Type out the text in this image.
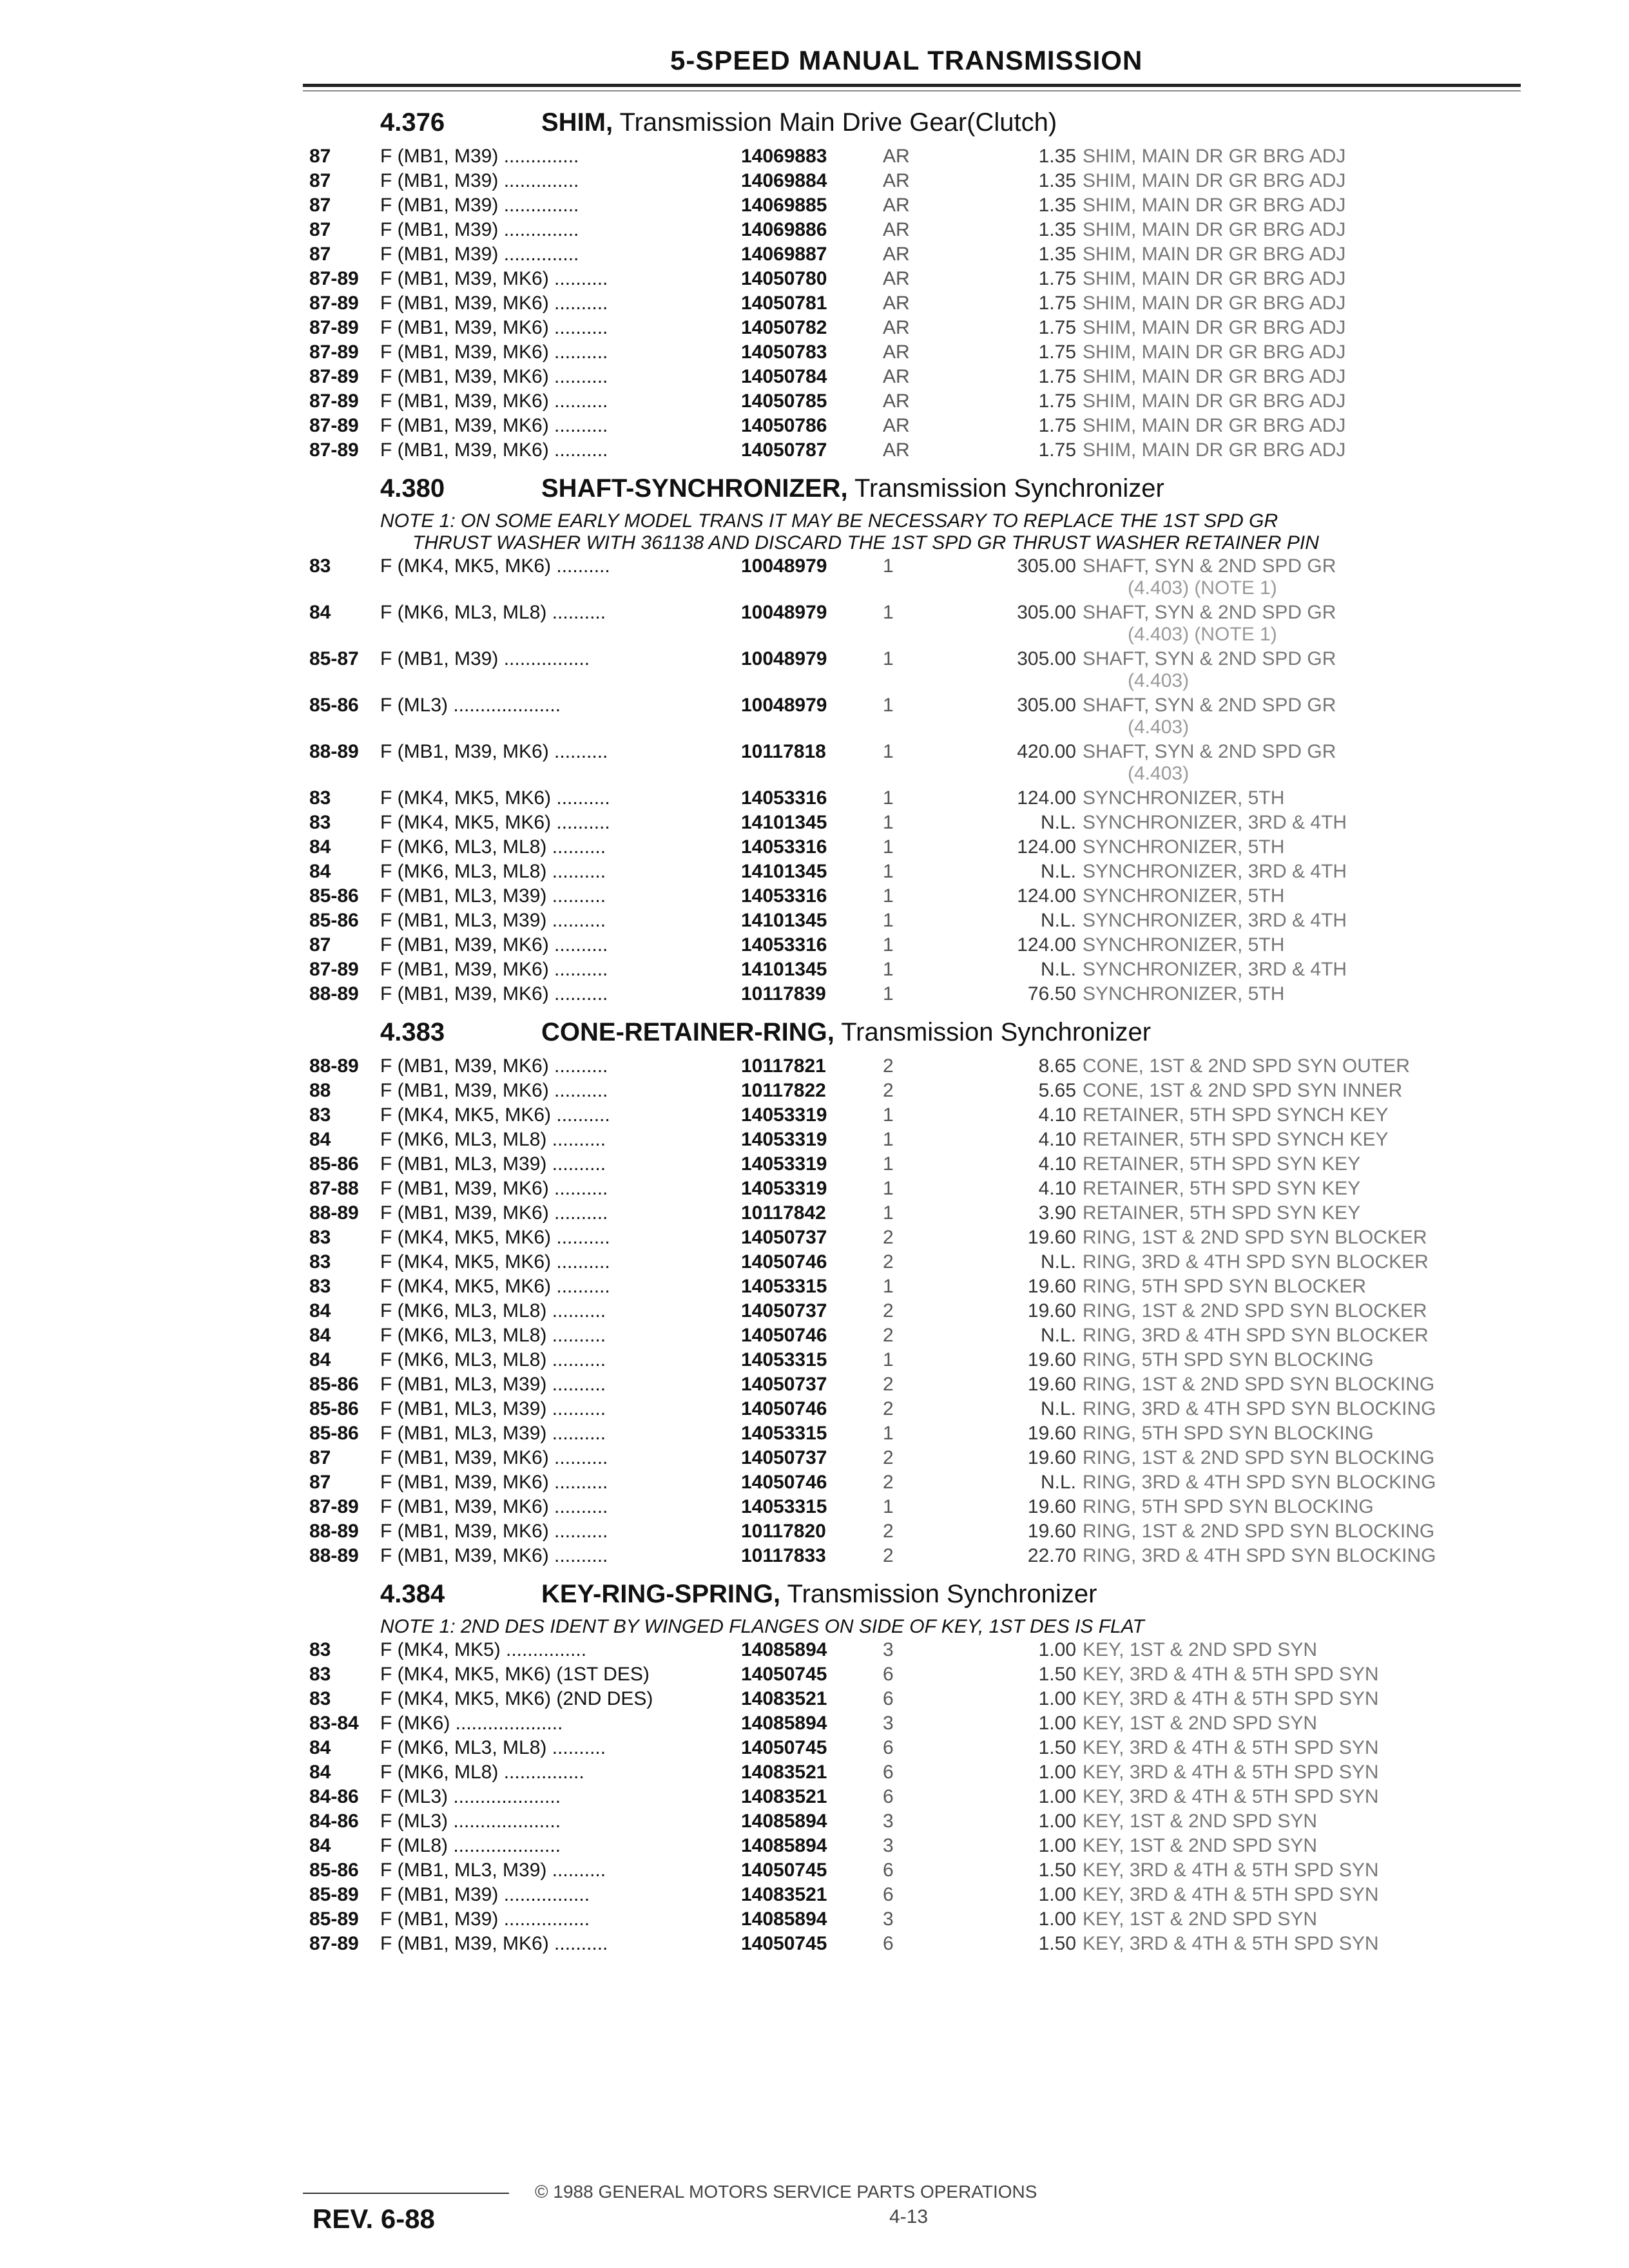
5-SPEED MANUAL TRANSMISSION
4.376	SHIM, Transmission Main Drive Gear(Clutch)
87	F (MB1, M39) ..............	14069883	AR	1.35 SHIM, MAIN DR GR BRG ADJ
87	F (MB1, M39) ..............	14069884	AR	1.35 SHIM, MAIN DR GR BRG ADJ
87	F (MB1, M39) ..............	14069885	AR	1.35 SHIM, MAIN DR GR BRG ADJ
87	F (MB1, M39) ..............	14069886	AR	1.35 SHIM, MAIN DR GR BRG ADJ
87	F (MB1, M39) ..............	14069887	AR	1.35 SHIM, MAIN DR GR BRG ADJ
87-89 F (MB1, M39, MK6) ..........	14050780	AR	1.75 SHIM, MAIN DR GR BRG ADJ
87-89 F (MB1, M39, MK6) ..........	14050781	AR	1.75 SHIM, MAIN DR GR BRG ADJ
87-89 F (MB1, M39, MK6) ..........	14050782	AR	1.75 SHIM, MAIN DR GR BRG ADJ
87-89 F (MB1, M39, MK6) ..........	14050783	AR	1.75 SHIM, MAIN DR GR BRG ADJ
87-89 F (MB1, M39, MK6) ..........	14050784	AR	1.75 SHIM, MAIN DR GR BRG ADJ
87-89 F (MB1, M39, MK6) ..........	14050785	AR	1.75 SHIM, MAIN DR GR BRG ADJ
87-89 F (MB1, M39, MK6) ..........	14050786	AR	1.75 SHIM, MAIN DR GR BRG ADJ
87-89 F (MB1, M39, MK6) ..........	14050787	AR	1.75 SHIM, MAIN DR GR BRG ADJ
4.380	SHAFT-SYNCHRONIZER, Transmission Synchronizer
NOTE 1: ON SOME EARLY MODEL TRANS IT MAY BE NECESSARY TO REPLACE THE 1ST SPD GR
THRUST WASHER WITH 361138 AND DISCARD THE 1ST SPD GR THRUST WASHER RETAINER PIN
83	F (MK4, MK5, MK6) ..........	10048979	1	305.00 SHAFT, SYN & 2ND SPD GR
(4.403) (NOTE 1)
84	F (MK6, ML3, ML8) ..........	10048979	1	305.00 SHAFT, SYN & 2ND SPD GR
(4.403) (NOTE 1)
85-87 F (MB1, M39) ................	10048979	1	305.00 SHAFT, SYN & 2ND SPD GR
(4.403)
85-86 F (ML3) ....................	10048979	1	305.00 SHAFT, SYN & 2ND SPD GR
(4.403)
88-89 F (MB1, M39, MK6) ..........	10117818	1	420.00 SHAFT, SYN & 2ND SPD GR
(4.403)
83	F (MK4, MK5, MK6) ..........	14053316	1	124.00 SYNCHRONIZER, 5TH
83	F (MK4, MK5, MK6) ..........	14101345	1	N.L. SYNCHRONIZER, 3RD & 4TH
84	F (MK6, ML3, ML8) ..........	14053316	1	124.00 SYNCHRONIZER, 5TH
84	F (MK6, ML3, ML8) ..........	14101345	1	N.L. SYNCHRONIZER, 3RD & 4TH
85-86 F (MB1, ML3, M39) ..........	14053316	1	124.00 SYNCHRONIZER, 5TH
85-86 F (MB1, ML3, M39) ..........	14101345	1	N.L. SYNCHRONIZER, 3RD & 4TH
87	F (MB1, M39, MK6) ..........	14053316	1	124.00 SYNCHRONIZER, 5TH
87-89 F (MB1, M39, MK6) ..........	14101345	1	N.L. SYNCHRONIZER, 3RD & 4TH
88-89 F (MB1, M39, MK6) ..........	10117839	1	76.50 SYNCHRONIZER, 5TH
4.383	CONE-RETAINER-RING, Transmission Synchronizer
88-89 F (MB1, M39, MK6) ..........	10117821	2	8.65 CONE, 1ST & 2ND SPD SYN OUTER
88	F (MB1, M39, MK6) ..........	10117822	2	5.65 CONE, 1ST & 2ND SPD SYN INNER
83	F (MK4, MK5, MK6) ..........	14053319	1	4.10 RETAINER, 5TH SPD SYNCH KEY
84	F (MK6, ML3, ML8) ..........	14053319	1	4.10 RETAINER, 5TH SPD SYNCH KEY
85-86 F (MB1, ML3, M39) ..........	14053319	1	4.10 RETAINER, 5TH SPD SYN KEY
87-88 F (MB1, M39, MK6) ..........	14053319	1	4.10 RETAINER, 5TH SPD SYN KEY
88-89 F (MB1, M39, MK6) ..........	10117842	1	3.90 RETAINER, 5TH SPD SYN KEY
83	F (MK4, MK5, MK6) ..........	14050737	2	19.60 RING, 1ST & 2ND SPD SYN BLOCKER
83	F (MK4, MK5, MK6) ..........	14050746	2	N.L. RING, 3RD & 4TH SPD SYN BLOCKER
83	F (MK4, MK5, MK6) ..........	14053315	1	19.60 RING, 5TH SPD SYN BLOCKER
84	F (MK6, ML3, ML8) ..........	14050737	2	19.60 RING, 1ST & 2ND SPD SYN BLOCKER
84	F (MK6, ML3, ML8) ..........	14050746	2	N.L. RING, 3RD & 4TH SPD SYN BLOCKER
84	F (MK6, ML3, ML8) ..........	14053315	1	19.60 RING, 5TH SPD SYN BLOCKING
85-86 F (MB1, ML3, M39) ..........	14050737	2	19.60 RING, 1ST & 2ND SPD SYN BLOCKING
85-86 F (MB1, ML3, M39) ..........	14050746	2	N.L. RING, 3RD & 4TH SPD SYN BLOCKING
85-86 F (MB1, ML3, M39) ..........	14053315	1	19.60 RING, 5TH SPD SYN BLOCKING
87	F (MB1, M39, MK6) ..........	14050737	2	19.60 RING, 1ST & 2ND SPD SYN BLOCKING
87	F (MB1, M39, MK6) ..........	14050746	2	N.L. RING, 3RD & 4TH SPD SYN BLOCKING
87-89 F (MB1, M39, MK6) ..........	14053315	1	19.60 RING, 5TH SPD SYN BLOCKING
88-89 F (MB1, M39, MK6) ..........	10117820	2	19.60 RING, 1ST & 2ND SPD SYN BLOCKING
88-89 F (MB1, M39, MK6) ..........	10117833	2	22.70 RING, 3RD & 4TH SPD SYN BLOCKING
4.384	KEY-RING-SPRING, Transmission Synchronizer
NOTE 1: 2ND DES IDENT BY WINGED FLANGES ON SIDE OF KEY, 1ST DES IS FLAT
83	F (MK4, MK5) ...............	14085894	3	1.00 KEY, 1ST & 2ND SPD SYN
83	F (MK4, MK5, MK6) (1ST DES)	14050745	6	1.50 KEY, 3RD & 4TH & 5TH SPD SYN
83	F (MK4, MK5, MK6) (2ND DES)	14083521	6	1.00 KEY, 3RD & 4TH & 5TH SPD SYN
83-84 F (MK6) ....................	14085894	3	1.00 KEY, 1ST & 2ND SPD SYN
84	F (MK6, ML3, ML8) ..........	14050745	6	1.50 KEY, 3RD & 4TH & 5TH SPD SYN
84	F (MK6, ML8) ...............	14083521	6	1.00 KEY, 3RD & 4TH & 5TH SPD SYN
84-86 F (ML3) ....................	14083521	6	1.00 KEY, 3RD & 4TH & 5TH SPD SYN
84-86 F (ML3) ....................	14085894	3	1.00 KEY, 1ST & 2ND SPD SYN
84	F (ML8) ....................	14085894	3	1.00 KEY, 1ST & 2ND SPD SYN
85-86 F (MB1, ML3, M39) ..........	14050745	6	1.50 KEY, 3RD & 4TH & 5TH SPD SYN
85-89 F (MB1, M39) ................	14083521	6	1.00 KEY, 3RD & 4TH & 5TH SPD SYN
85-89 F (MB1, M39) ................	14085894	3	1.00 KEY, 1ST & 2ND SPD SYN
87-89 F (MB1, M39, MK6) ..........	14050745	6	1.50 KEY, 3RD & 4TH & 5TH SPD SYN
© 1988 GENERAL MOTORS SERVICE PARTS OPERATIONS
REV. 6-88	4-13
